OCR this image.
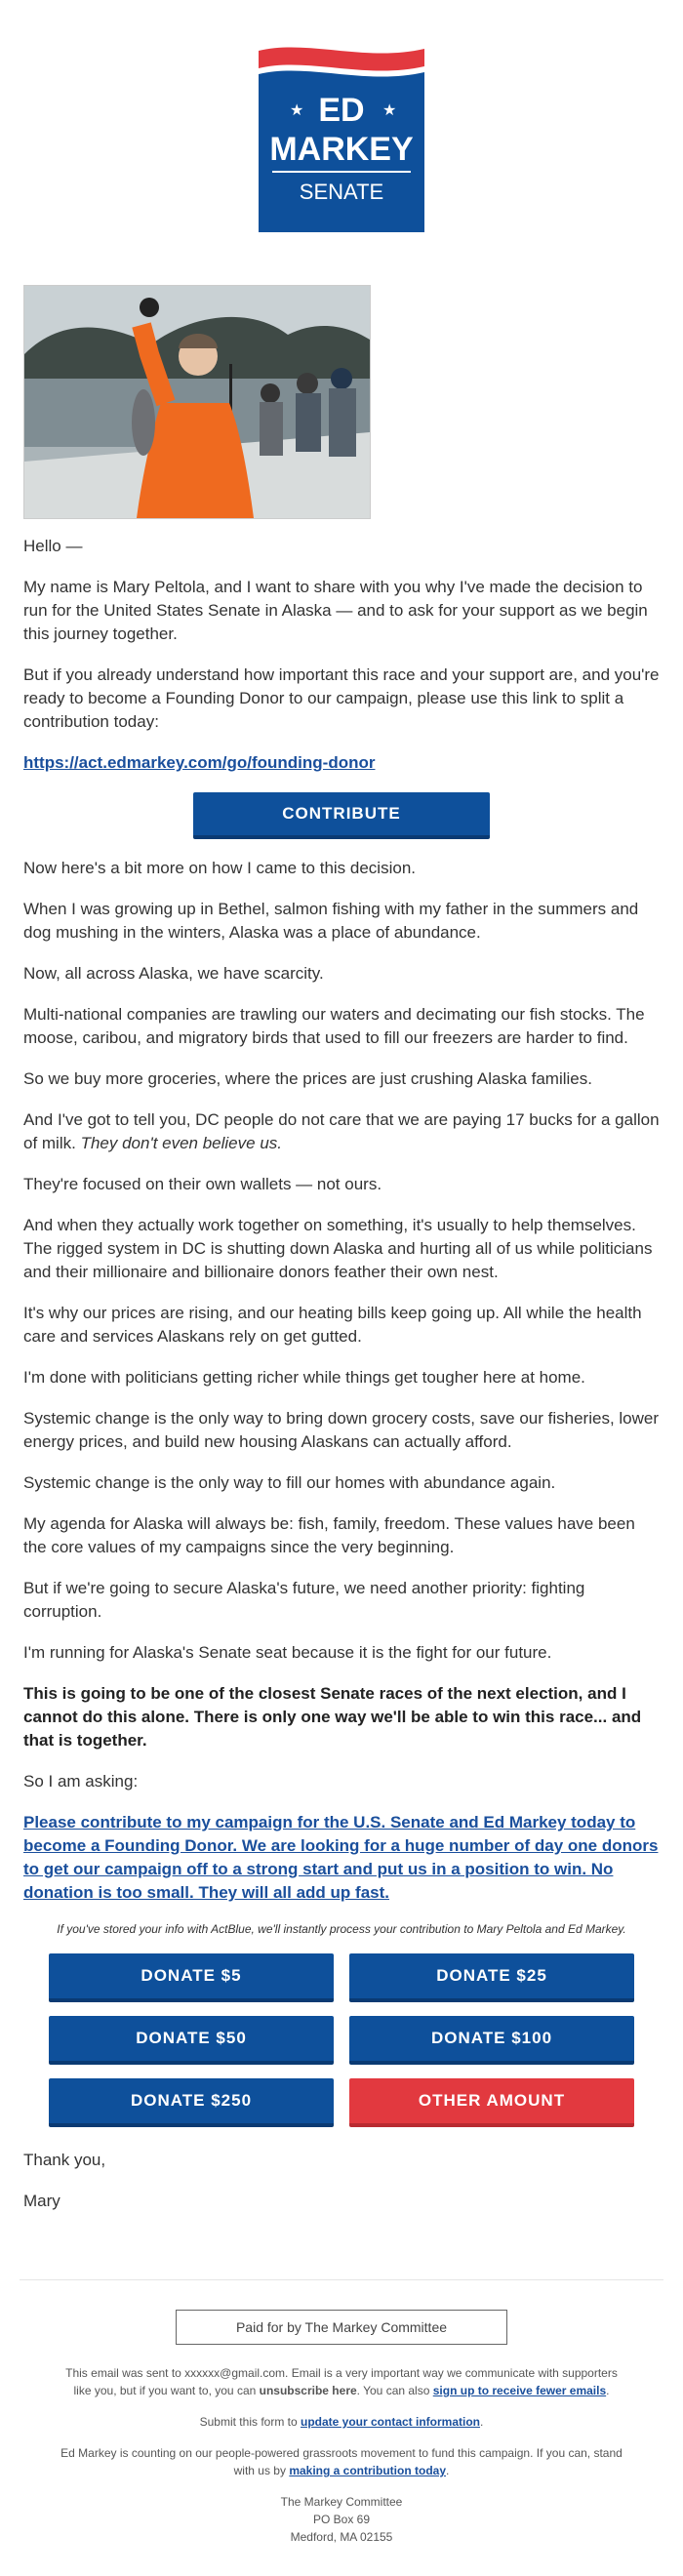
★	★
ED
MARKEY
SENATE

Hello —

My name is Mary Peltola, and I want to share with you why I've made the decision to run for the United States Senate in Alaska — and to ask for your support as we begin this journey together.

But if you already understand how important this race and your support are, and you're ready to become a Founding Donor to our campaign, please use this link to split a contribution today:

https://act.edmarkey.com/go/founding-donor

CONTRIBUTE

Now here's a bit more on how I came to this decision.

When I was growing up in Bethel, salmon fishing with my father in the summers and dog mushing in the winters, Alaska was a place of abundance.

Now, all across Alaska, we have scarcity.

Multi-national companies are trawling our waters and decimating our fish stocks. The moose, caribou, and migratory birds that used to fill our freezers are harder to find.

So we buy more groceries, where the prices are just crushing Alaska families.

And I've got to tell you, DC people do not care that we are paying 17 bucks for a gallon of milk. They don't even believe us.

They're focused on their own wallets — not ours.

And when they actually work together on something, it's usually to help themselves. The rigged system in DC is shutting down Alaska and hurting all of us while politicians and their millionaire and billionaire donors feather their own nest.

It's why our prices are rising, and our heating bills keep going up. All while the health care and services Alaskans rely on get gutted.

I'm done with politicians getting richer while things get tougher here at home.

Systemic change is the only way to bring down grocery costs, save our fisheries, lower energy prices, and build new housing Alaskans can actually afford.

Systemic change is the only way to fill our homes with abundance again.

My agenda for Alaska will always be: fish, family, freedom. These values have been the core values of my campaigns since the very beginning.

But if we're going to secure Alaska's future, we need another priority: fighting corruption.

I'm running for Alaska's Senate seat because it is the fight for our future.

This is going to be one of the closest Senate races of the next election, and I cannot do this alone. There is only one way we'll be able to win this race... and that is together.

So I am asking:

Please contribute to my campaign for the U.S. Senate and Ed Markey today to become a Founding Donor. We are looking for a huge number of day one donors to get our campaign off to a strong start and put us in a position to win. No donation is too small. They will all add up fast.

If you've stored your info with ActBlue, we'll instantly process your contribution to Mary Peltola and Ed Markey.
DONATE $5	DONATE $25
DONATE $50	DONATE $100
DONATE $250	OTHER AMOUNT

Thank you,

Mary

Paid for by The Markey Committee

This email was sent to xxxxxx@gmail.com. Email is a very important way we communicate with supporters like you, but if you want to, you can unsubscribe here. You can also sign up to receive fewer emails.

Submit this form to update your contact information.

Ed Markey is counting on our people-powered grassroots movement to fund this campaign. If you can, stand with us by making a contribution today.

The Markey Committee
PO Box 69
Medford, MA 02155
